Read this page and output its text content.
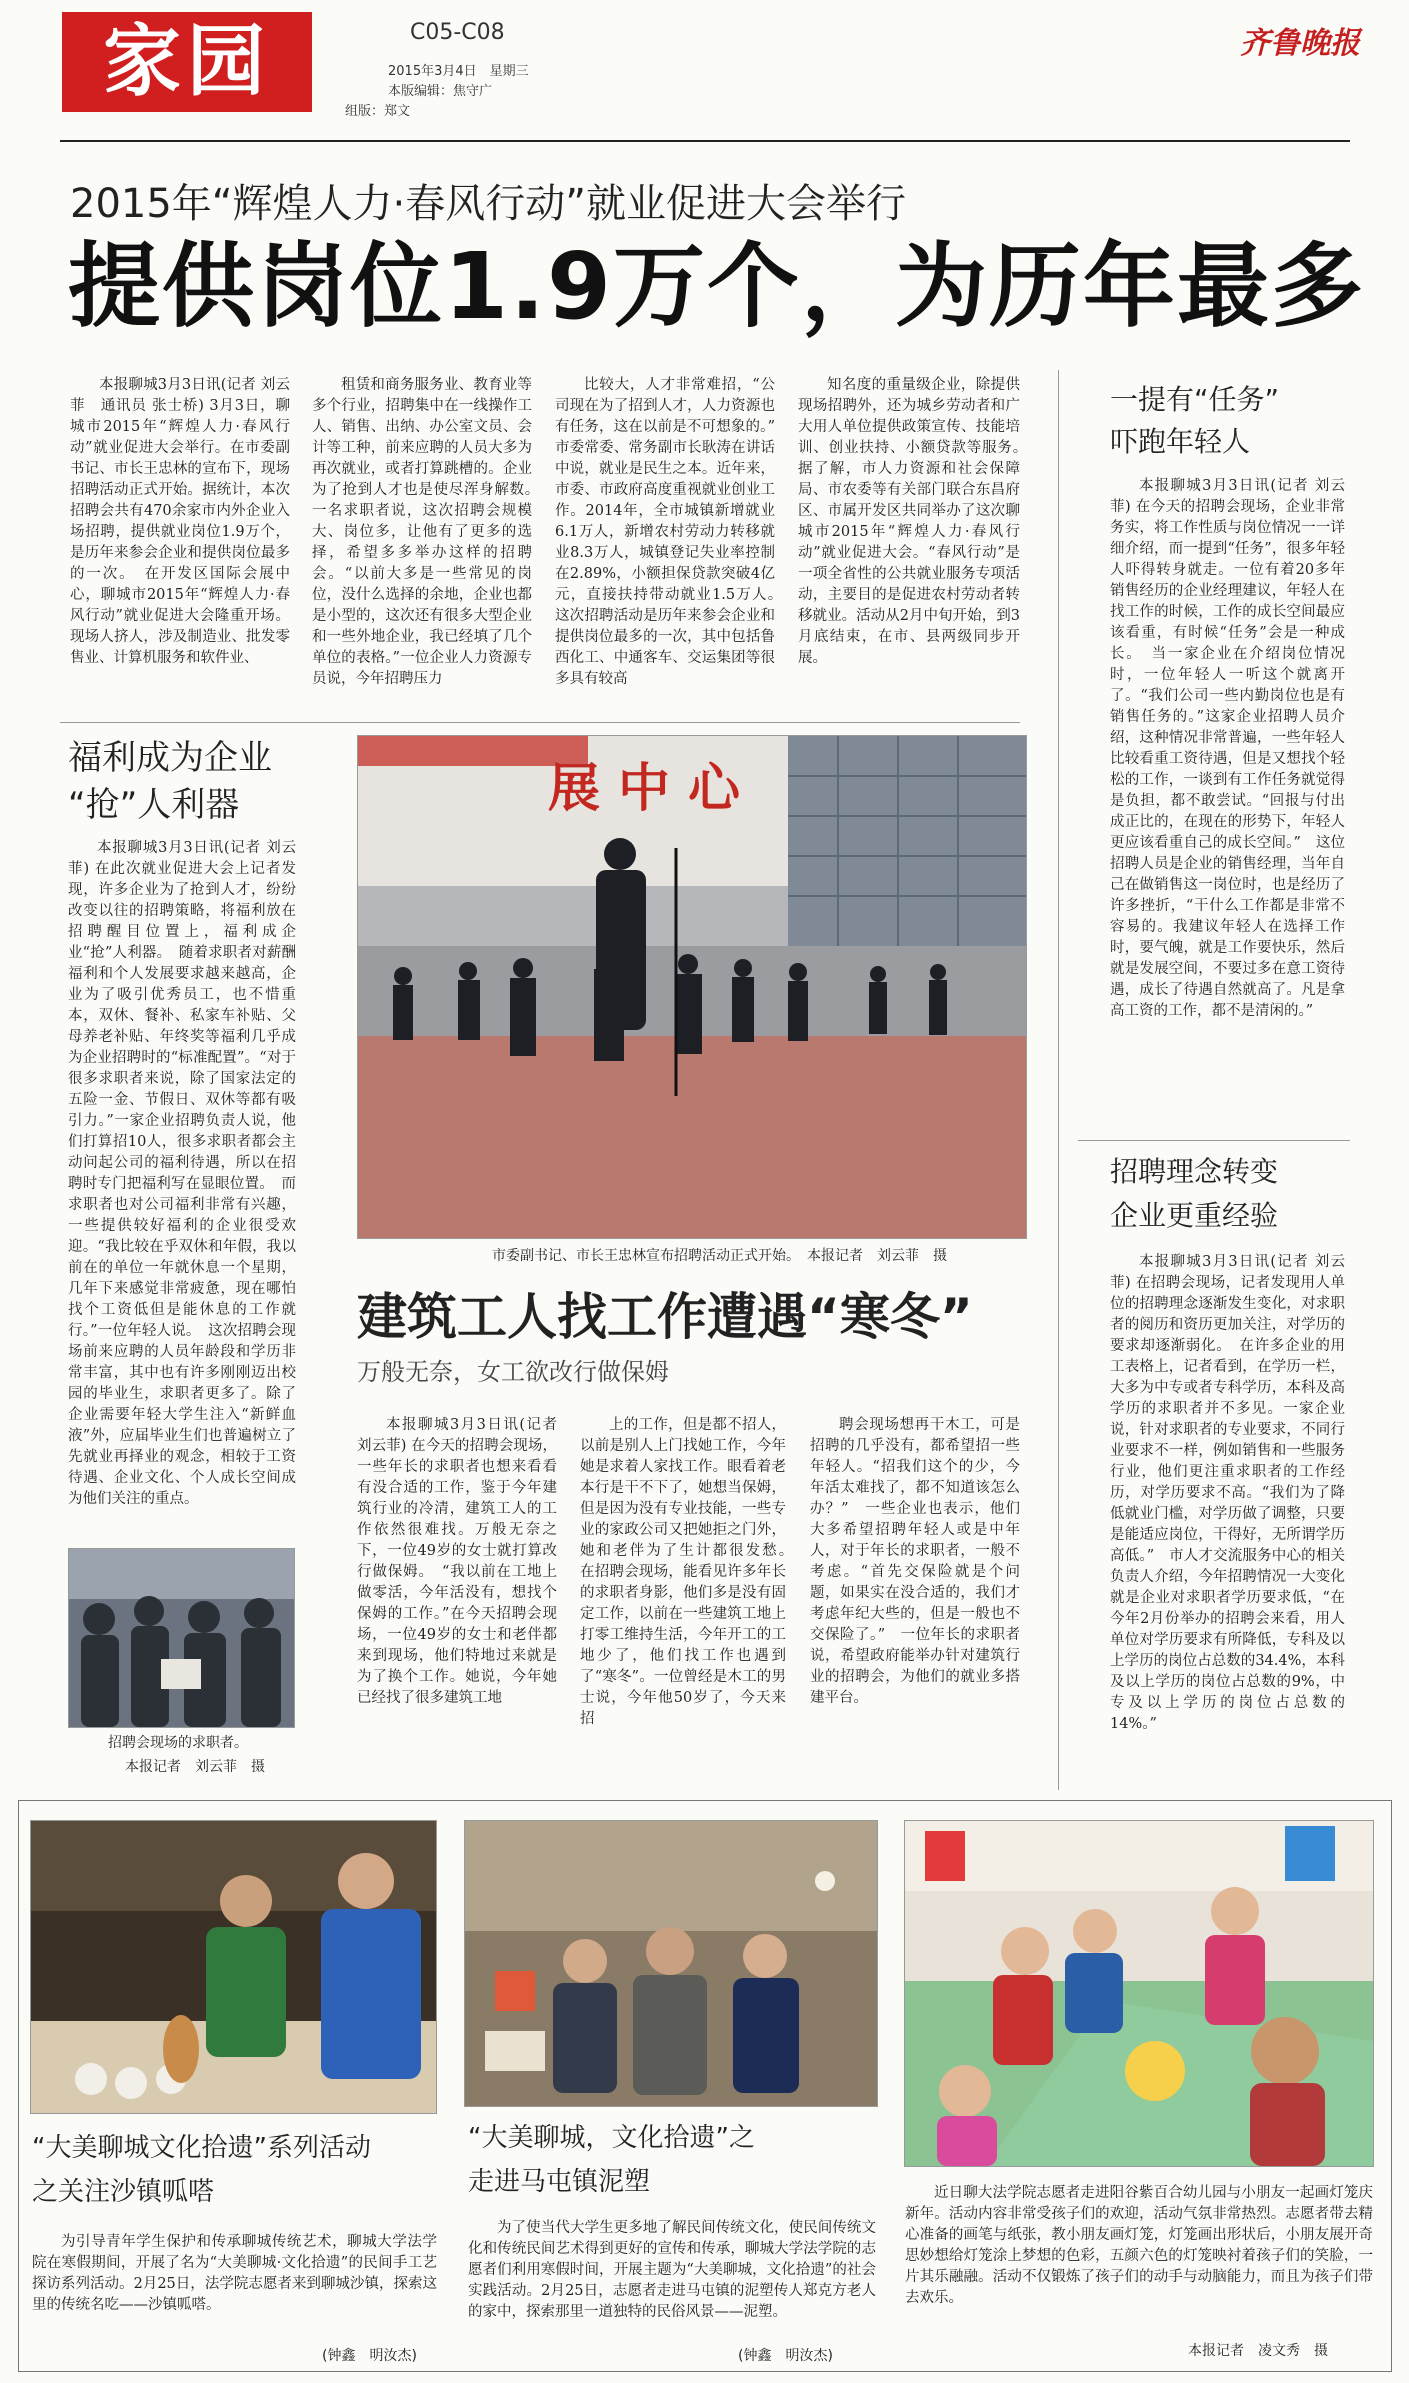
家园	C05-C08
2015年3月4日　星期三
本版编辑：焦守广
组版：郑文
齐鲁晚报
2015年“辉煌人力·春风行动”就业促进大会举行
提供岗位1.9万个，为历年最多

本报聊城3月3日讯(记者 刘云菲　通讯员 张士桥) 3月3日，聊城市2015年“辉煌人力·春风行动”就业促进大会举行。在市委副书记、市长王忠林的宣布下，现场招聘活动正式开始。据统计，本次招聘会共有470余家市内外企业入场招聘，提供就业岗位1.9万个，是历年来参会企业和提供岗位最多的一次。　在开发区国际会展中心，聊城市2015年“辉煌人力·春风行动”就业促进大会隆重开场。现场人挤人，涉及制造业、批发零售业、计算机服务和软件业、

租赁和商务服务业、教育业等多个行业，招聘集中在一线操作工人、销售、出纳、办公室文员、会计等工种，前来应聘的人员大多为再次就业，或者打算跳槽的。企业为了抢到人才也是使尽浑身解数。　一名求职者说，这次招聘会规模大、岗位多，让他有了更多的选择，希望多多举办这样的招聘会。“以前大多是一些常见的岗位，没什么选择的余地，企业也都是小型的，这次还有很多大型企业和一些外地企业，我已经填了几个单位的表格。”一位企业人力资源专员说，今年招聘压力

比较大，人才非常难招，“公司现在为了招到人才，人力资源也有任务，这在以前是不可想象的。”　市委常委、常务副市长耿涛在讲话中说，就业是民生之本。近年来，市委、市政府高度重视就业创业工作。2014年，全市城镇新增就业6.1万人，新增农村劳动力转移就业8.3万人，城镇登记失业率控制在2.89%，小额担保贷款突破4亿元，直接扶持带动就业1.5万人。　这次招聘活动是历年来参会企业和提供岗位最多的一次，其中包括鲁西化工、中通客车、交运集团等很多具有较高

知名度的重量级企业，除提供现场招聘外，还为城乡劳动者和广大用人单位提供政策宣传、技能培训、创业扶持、小额贷款等服务。　据了解，市人力资源和社会保障局、市农委等有关部门联合东昌府区、市属开发区共同举办了这次聊城市2015年“辉煌人力·春风行动”就业促进大会。“春风行动”是一项全省性的公共就业服务专项活动，主要目的是促进农村劳动者转移就业。活动从2月中旬开始，到3月底结束，在市、县两级同步开展。

一提有“任务”
吓跑年轻人

本报聊城3月3日讯(记者 刘云菲) 在今天的招聘会现场，企业非常务实，将工作性质与岗位情况一一详细介绍，而一提到“任务”，很多年轻人吓得转身就走。一位有着20多年销售经历的企业经理建议，年轻人在找工作的时候，工作的成长空间最应该看重，有时候“任务”会是一种成长。　当一家企业在介绍岗位情况时，一位年轻人一听这个就离开了。“我们公司一些内勤岗位也是有销售任务的。”这家企业招聘人员介绍，这种情况非常普遍，一些年轻人比较看重工资待遇，但是又想找个轻松的工作，一谈到有工作任务就觉得是负担，都不敢尝试。“回报与付出成正比的，在现在的形势下，年轻人更应该看重自己的成长空间。”　这位招聘人员是企业的销售经理，当年自己在做销售这一岗位时，也是经历了许多挫折，“干什么工作都是非常不容易的。我建议年轻人在选择工作时，要气魄，就是工作要快乐，然后就是发展空间，不要过多在意工资待遇，成长了待遇自然就高了。凡是拿高工资的工作，都不是清闲的。”

招聘理念转变
企业更重经验

本报聊城3月3日讯(记者 刘云菲) 在招聘会现场，记者发现用人单位的招聘理念逐渐发生变化，对求职者的阅历和资历更加关注，对学历的要求却逐渐弱化。　在许多企业的用工表格上，记者看到，在学历一栏，大多为中专或者专科学历，本科及高学历的求职者并不多见。一家企业说，针对求职者的专业要求，不同行业要求不一样，例如销售和一些服务行业，他们更注重求职者的工作经历，对学历要求不高。“我们为了降低就业门槛，对学历做了调整，只要是能适应岗位，干得好，无所谓学历高低。”　市人才交流服务中心的相关负责人介绍，今年招聘情况一大变化就是企业对求职者学历要求低，“在今年2月份举办的招聘会来看，用人单位对学历要求有所降低，专科及以上学历的岗位占总数的34.4%，本科及以上学历的岗位占总数的9%，中专及以上学历的岗位占总数的14%。”

福利成为企业
“抢”人利器

本报聊城3月3日讯(记者 刘云菲) 在此次就业促进大会上记者发现，许多企业为了抢到人才，纷纷改变以往的招聘策略，将福利放在招聘醒目位置上，福利成企业“抢”人利器。　随着求职者对薪酬福利和个人发展要求越来越高，企业为了吸引优秀员工，也不惜重本，双休、餐补、私家车补贴、父母养老补贴、年终奖等福利几乎成为企业招聘时的“标准配置”。“对于很多求职者来说，除了国家法定的五险一金、节假日、双休等都有吸引力。”一家企业招聘负责人说，他们打算招10人，很多求职者都会主动问起公司的福利待遇，所以在招聘时专门把福利写在显眼位置。　而求职者也对公司福利非常有兴趣，一些提供较好福利的企业很受欢迎。“我比较在乎双休和年假，我以前在的单位一年就休息一个星期，几年下来感觉非常疲惫，现在哪怕找个工资低但是能休息的工作就行。”一位年轻人说。　这次招聘会现场前来应聘的人员年龄段和学历非常丰富，其中也有许多刚刚迈出校园的毕业生，求职者更多了。除了企业需要年轻大学生注入“新鲜血液”外，应届毕业生们也普遍树立了先就业再择业的观念，相较于工资待遇、企业文化、个人成长空间成为他们关注的重点。

招聘会现场的求职者。
本报记者　刘云菲　摄
展中心
市委副书记、市长王忠林宣布招聘活动正式开始。　本报记者　刘云菲　摄
建筑工人找工作遭遇“寒冬”
万般无奈，女工欲改行做保姆

本报聊城3月3日讯(记者 刘云菲) 在今天的招聘会现场，一些年长的求职者也想来看看有没合适的工作，鉴于今年建筑行业的冷清，建筑工人的工作依然很难找。万般无奈之下，一位49岁的女士就打算改行做保姆。　“我以前在工地上做零活，今年活没有，想找个保姆的工作。”在今天招聘会现场，一位49岁的女士和老伴都来到现场，他们特地过来就是为了换个工作。她说，今年她已经找了很多建筑工地

上的工作，但是都不招人，以前是别人上门找她工作，今年她是求着人家找工作。眼看着老本行是干不下了，她想当保姆，但是因为没有专业技能，一些专业的家政公司又把她拒之门外，她和老伴为了生计都很发愁。　在招聘会现场，能看见许多年长的求职者身影，他们多是没有固定工作，以前在一些建筑工地上打零工维持生活，今年开工的工地少了，他们找工作也遇到了“寒冬”。一位曾经是木工的男士说，今年他50岁了，今天来招

聘会现场想再干木工，可是招聘的几乎没有，都希望招一些年轻人。“招我们这个的少，今年活太难找了，都不知道该怎么办？”　一些企业也表示，他们大多希望招聘年轻人或是中年人，对于年长的求职者，一般不考虑。“首先交保险就是个问题，如果实在没合适的，我们才考虑年纪大些的，但是一般也不交保险了。”　一位年长的求职者说，希望政府能举办针对建筑行业的招聘会，为他们的就业多搭建平台。

“大美聊城文化拾遗”系列活动
之关注沙镇呱嗒

为引导青年学生保护和传承聊城传统艺术，聊城大学法学院在寒假期间，开展了名为“大美聊城·文化拾遗”的民间手工艺探访系列活动。2月25日，法学院志愿者来到聊城沙镇，探索这里的传统名吃——沙镇呱嗒。

(钟鑫　明汝杰)
“大美聊城，文化拾遗”之
走进马屯镇泥塑

为了使当代大学生更多地了解民间传统文化，使民间传统文化和传统民间艺术得到更好的宣传和传承，聊城大学法学院的志愿者们利用寒假时间，开展主题为“大美聊城，文化拾遗”的社会实践活动。2月25日，志愿者走进马屯镇的泥塑传人郑克方老人的家中，探索那里一道独特的民俗风景——泥塑。

(钟鑫　明汝杰)

近日聊大法学院志愿者走进阳谷紫百合幼儿园与小朋友一起画灯笼庆新年。活动内容非常受孩子们的欢迎，活动气氛非常热烈。志愿者带去精心准备的画笔与纸张，教小朋友画灯笼，灯笼画出形状后，小朋友展开奇思妙想给灯笼涂上梦想的色彩，五颜六色的灯笼映衬着孩子们的笑脸，一片其乐融融。活动不仅锻炼了孩子们的动手与动脑能力，而且为孩子们带去欢乐。

本报记者　凌文秀　摄
